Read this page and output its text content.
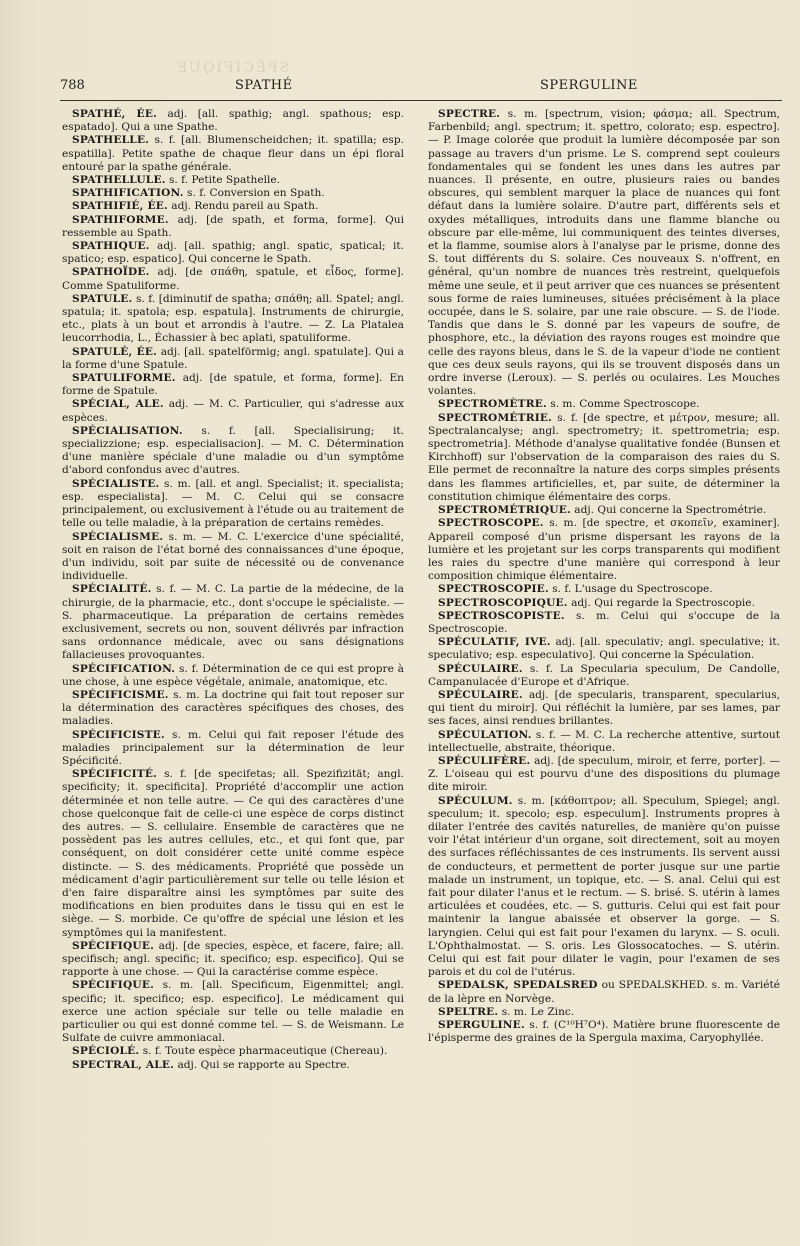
SPÉCIFIQUE
788	SPATHÉ	SPERGULINE

SPATHÉ, ÉE. adj. [all. spathig; angl. spathous; esp. espatado]. Qui a une Spathe.

SPATHELLE. s. f. [all. Blumenscheidchen; it. spatilla; esp. espatilla]. Petite spathe de chaque fleur dans un épi floral entouré par la spathe générale.

SPATHELLULE. s. f. Petite Spathelle.

SPATHIFICATION. s. f. Conversion en Spath.

SPATHIFIÉ, ÉE. adj. Rendu pareil au Spath.

SPATHIFORME. adj. [de spath, et forma, forme]. Qui ressemble au Spath.

SPATHIQUE. adj. [all. spathig; angl. spatic, spatical; it. spatico; esp. espatico]. Qui concerne le Spath.

SPATHOÏDE. adj. [de σπάθη, spatule, et εἶδος, forme]. Comme Spatuliforme.

SPATULE. s. f. [diminutif de spatha; σπάθη; all. Spatel; angl. spatula; it. spatola; esp. espatula]. Instruments de chirurgie, etc., plats à un bout et arrondis à l'autre. — Z. La Platalea leucorrhodia, L., Échassier à bec aplati, spatuliforme.

SPATULÉ, ÉE. adj. [all. spatelförmig; angl. spatulate]. Qui a la forme d'une Spatule.

SPATULIFORME. adj. [de spatule, et forma, forme]. En forme de Spatule.

SPÉCIAL, ALE. adj. — M. C. Particulier, qui s'adresse aux espèces.

SPÉCIALISATION. s. f. [all. Specialisirung; it. specializzione; esp. especialisacion]. — M. C. Détermination d'une manière spéciale d'une maladie ou d'un symptôme d'abord confondus avec d'autres.

SPÉCIALISTE. s. m. [all. et angl. Specialist; it. specialista; esp. especialista]. — M. C. Celui qui se consacre principalement, ou exclusivement à l'étude ou au traitement de telle ou telle maladie, à la préparation de certains remèdes.

SPÉCIALISME. s. m. — M. C. L'exercice d'une spécialité, soit en raison de l'état borné des connaissances d'une époque, d'un individu, soit par suite de nécessité ou de convenance individuelle.

SPÉCIALITÉ. s. f. — M. C. La partie de la médecine, de la chirurgie, de la pharmacie, etc., dont s'occupe le spécialiste. — S. pharmaceutique. La préparation de certains remèdes exclusivement, secrets ou non, souvent délivrés par infraction sans ordonnance médicale, avec ou sans désignations fallacieuses provoquantes.

SPÉCIFICATION. s. f. Détermination de ce qui est propre à une chose, à une espèce végétale, animale, anatomique, etc.

SPÉCIFICISME. s. m. La doctrine qui fait tout reposer sur la détermination des caractères spécifiques des choses, des maladies.

SPÉCIFICISTE. s. m. Celui qui fait reposer l'étude des maladies principalement sur la détermination de leur Spécificité.

SPÉCIFICITÉ. s. f. [de specifetas; all. Spezifizität; angl. specificity; it. specificita]. Propriété d'accomplir une action déterminée et non telle autre. — Ce qui des caractères d'une chose quelconque fait de celle-ci une espèce de corps distinct des autres. — S. cellulaire. Ensemble de caractères que ne possèdent pas les autres cellules, etc., et qui font que, par conséquent, on doit considérer cette unité comme espèce distincte. — S. des médicaments. Propriété que possède un médicament d'agir particulièrement sur telle ou telle lésion et d'en faire disparaître ainsi les symptômes par suite des modifications en bien produites dans le tissu qui en est le siège. — S. morbide. Ce qu'offre de spécial une lésion et les symptômes qui la manifestent.

SPÉCIFIQUE. adj. [de species, espèce, et facere, faire; all. specifisch; angl. specific; it. specifico; esp. especifico]. Qui se rapporte à une chose. — Qui la caractérise comme espèce.

SPÉCIFIQUE. s. m. [all. Specificum, Eigenmittel; angl. specific; it. specifico; esp. especifico]. Le médicament qui exerce une action spéciale sur telle ou telle maladie en particulier ou qui est donné comme tel. — S. de Weismann. Le Sulfate de cuivre ammoniacal.

SPÉCIOLÉ. s. f. Toute espèce pharmaceutique (Chereau).

SPECTRAL, ALE. adj. Qui se rapporte au Spectre.

SPECTRE. s. m. [spectrum, vision; φάσμα; all. Spectrum, Farbenbild; angl. spectrum; it. spettro, colorato; esp. espectro]. — P. Image colorée que produit la lumière décomposée par son passage au travers d'un prisme. Le S. comprend sept couleurs fondamentales qui se fondent les unes dans les autres par nuances. Il présente, en outre, plusieurs raies ou bandes obscures, qui semblent marquer la place de nuances qui font défaut dans la lumière solaire. D'autre part, différents sels et oxydes métalliques, introduits dans une flamme blanche ou obscure par elle-même, lui communiquent des teintes diverses, et la flamme, soumise alors à l'analyse par le prisme, donne des S. tout différents du S. solaire. Ces nouveaux S. n'offrent, en général, qu'un nombre de nuances très restreint, quelquefois même une seule, et il peut arriver que ces nuances se présentent sous forme de raies lumineuses, situées précisément à la place occupée, dans le S. solaire, par une raie obscure. — S. de l'iode. Tandis que dans le S. donné par les vapeurs de soufre, de phosphore, etc., la déviation des rayons rouges est moindre que celle des rayons bleus, dans le S. de la vapeur d'iode ne contient que ces deux seuls rayons, qui ils se trouvent disposés dans un ordre inverse (Leroux). — S. perlés ou oculaires. Les Mouches volantes.

SPECTROMÈTRE. s. m. Comme Spectroscope.

SPECTROMÉTRIE. s. f. [de spectre, et μέτρον, mesure; all. Spectralancalyse; angl. spectrometry; it. spettrometria; esp. spectrometria]. Méthode d'analyse qualitative fondée (Bunsen et Kirchhoff) sur l'observation de la comparaison des raies du S. Elle permet de reconnaître la nature des corps simples présents dans les flammes artificielles, et, par suite, de déterminer la constitution chimique élémentaire des corps.

SPECTROMÉTRIQUE. adj. Qui concerne la Spectrométrie.

SPECTROSCOPE. s. m. [de spectre, et σκοπεῖν, examiner]. Appareil composé d'un prisme dispersant les rayons de la lumière et les projetant sur les corps transparents qui modifient les raies du spectre d'une manière qui correspond à leur composition chimique élémentaire.

SPECTROSCOPIE. s. f. L'usage du Spectroscope.

SPECTROSCOPIQUE. adj. Qui regarde la Spectroscopie.

SPECTROSCOPISTE. s. m. Celui qui s'occupe de la Spectroscopie.

SPÉCULATIF, IVE. adj. [all. speculativ; angl. speculative; it. speculativo; esp. especulativo]. Qui concerne la Spéculation.

SPÉCULAIRE. s. f. La Specularia speculum, De Candolle, Campanulacée d'Europe et d'Afrique.

SPÉCULAIRE. adj. [de specularis, transparent, specularius, qui tient du miroir]. Qui réfléchit la lumière, par ses lames, par ses faces, ainsi rendues brillantes.

SPÉCULATION. s. f. — M. C. La recherche attentive, surtout intellectuelle, abstraite, théorique.

SPÉCULIFÈRE. adj. [de speculum, miroir, et ferre, porter]. — Z. L'oiseau qui est pourvu d'une des dispositions du plumage dite miroir.

SPÉCULUM. s. m. [κάθοπτρον; all. Speculum, Spiegel; angl. speculum; it. specolo; esp. especulum]. Instruments propres à dilater l'entrée des cavités naturelles, de manière qu'on puisse voir l'état intérieur d'un organe, soit directement, soit au moyen des surfaces réfléchissantes de ces instruments. Ils servent aussi de conducteurs, et permettent de porter jusque sur une partie malade un instrument, un topique, etc. — S. anal. Celui qui est fait pour dilater l'anus et le rectum. — S. brisé. S. utérin à lames articulées et coudées, etc. — S. gutturis. Celui qui est fait pour maintenir la langue abaissée et observer la gorge. — S. laryngien. Celui qui est fait pour l'examen du larynx. — S. oculi. L'Ophthalmostat. — S. oris. Les Glossocatoches. — S. utérin. Celui qui est fait pour dilater le vagin, pour l'examen de ses parois et du col de l'utérus.

SPEDALSK, SPEDALSRED ou SPEDALSKHED. s. m. Variété de la lèpre en Norvège.

SPELTRE. s. m. Le Zinc.

SPERGULINE. s. f. (C¹⁰H⁷O⁴). Matière brune fluorescente de l'épisperme des graines de la Spergula maxima, Caryophyllée.
